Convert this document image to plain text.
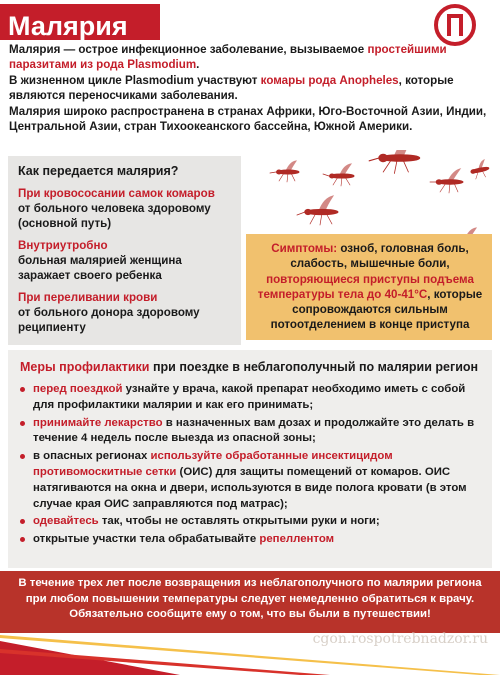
Малярия

Малярия — острое инфекционное заболевание, вызываемое простейшими паразитами из рода Plasmodium.

В жизненном цикле Plasmodium участвуют комары рода Anopheles, которые являются переносчиками заболевания.

Малярия широко распространена в странах Африки, Юго-Восточной Азии, Индии, Центральной Азии, стран Тихоокеанского бассейна, Южной Америки.

Как передается малярия?
При кровососании самок комаров
от больного человека здоровому (основной путь)
Внутриутробно
больная малярией женщина заражает своего ребенка
При переливании крови
от больного донора здоровому реципиенту
Симптомы: озноб, головная боль, слабость, мышечные боли, повторяющиеся приступы подъема температуры тела до 40-41°C, которые сопровождаются сильным потоотделением в конце приступа
Меры профилактики при поездке в неблагополучный по малярии регион
перед поездкой узнайте у врача, какой препарат необходимо иметь с собой для профилактики малярии и как его принимать;
принимайте лекарство в назначенных вам дозах и продолжайте это делать в течение 4 недель после выезда из опасной зоны;
в опасных регионах используйте обработанные инсектицидом противомоскитные сетки (ОИС) для защиты помещений от комаров. ОИС натягиваются на окна и двери, используются в виде полога кровати (в этом случае края ОИС заправляются под матрас);
одевайтесь так, чтобы не оставлять открытыми руки и ноги;
открытые участки тела обрабатывайте репеллентом
В течение трех лет после возвращения из неблагополучного по малярии региона при любом повышении температуры следует немедленно обратиться к врачу. Обязательно сообщите ему о том, что вы были в путешествии!
cgon.rospotrebnadzor.ru
